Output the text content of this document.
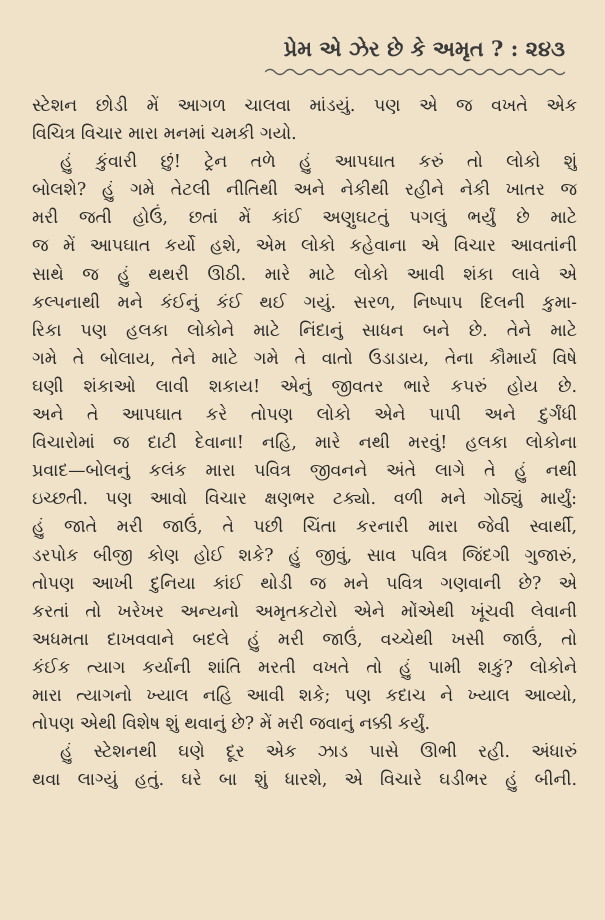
પ્રેમ એ ઝેર છે કે અમૃત ? : ૨૪૩
સ્ટેશન છોડી મેં આગળ ચાલવા માંડયું. પણ એ જ વખતે એક
વિચિત્ર વિચાર મારા મનમાં ચમકી ગયો.
હું કુંવારી છું! ટ્રેન તળે હું આપઘાત કરું તો લોકો શું
બોલશે? હું ગમે તેટલી નીતિથી અને નેકીથી રહીને નેકી ખાતર જ
મરી જતી હોઉં, છતાં મેં કાંઈ અણુઘટતું પગલું ભર્યું છે માટે
જ મેં આપઘાત કર્યો હશે, એમ લોકો કહેવાના એ વિચાર આવતાંની
સાથે જ હું થથરી ઊઠી. મારે માટે લોકો આવી શંકા લાવે એ
કલ્પનાથી મને કંઈનું કંઈ થઈ ગયું. સરળ, નિષ્પાપ દિલની કુમા-
રિકા પણ હલકા લોકોને માટે નિંદાનું સાધન બને છે. તેને માટે
ગમે તે બોલાય, તેને માટે ગમે તે વાતો ઉડાડાય, તેના કૌમાર્ય વિષે
ઘણી શંકાઓ લાવી શકાય! એનું જીવતર ભારે કપરું હોય છે.
અને તે આપઘાત કરે તોપણ લોકો એને પાપી અને દુર્ગંધી
વિચારોમાં જ દાટી દેવાના! નહિ, મારે નથી મરવું! હલકા લોકોના
પ્રવાદ—બોલનું કલંક મારા પવિત્ર જીવનને અંતે લાગે તે હું નથી
ઇચ્છતી. પણ આવો વિચાર ક્ષણભર ટક્યો. વળી મને ગોઠ્યું માર્યું:
હું જાતે મરી જાઉં, તે પછી ચિંતા કરનારી મારા જેવી સ્વાર્થી,
ડરપોક બીજી કોણ હોઈ શકે? હું જીવું, સાવ પવિત્ર જિંદગી ગુજારું,
તોપણ આખી દુનિયા કાંઈ થોડી જ મને પવિત્ર ગણવાની છે? એ
કરતાં તો ખરેખર અન્યનો અમૃતકટોરો એને મોંએથી ખૂંચવી લેવાની
અધમતા દાખવવાને બદલે હું મરી જાઉં, વચ્ચેથી ખસી જાઉં, તો
કંઈક ત્યાગ કર્યાની શાંતિ મરતી વખતે તો હું પામી શકું? લોકોને
મારા ત્યાગનો ખ્યાલ નહિ આવી શકે; પણ કદાચ ને ખ્યાલ આવ્યો,
તોપણ એથી વિશેષ શું થવાનું છે? મેં મરી જવાનું નક્કી કર્યું.
હું સ્ટેશનથી ઘણે દૂર એક ઝાડ પાસે ઊભી રહી. અંધારું
થવા લાગ્યું હતું. ઘરે બા શું ધારશે, એ વિચારે ઘડીભર હું બીની.
